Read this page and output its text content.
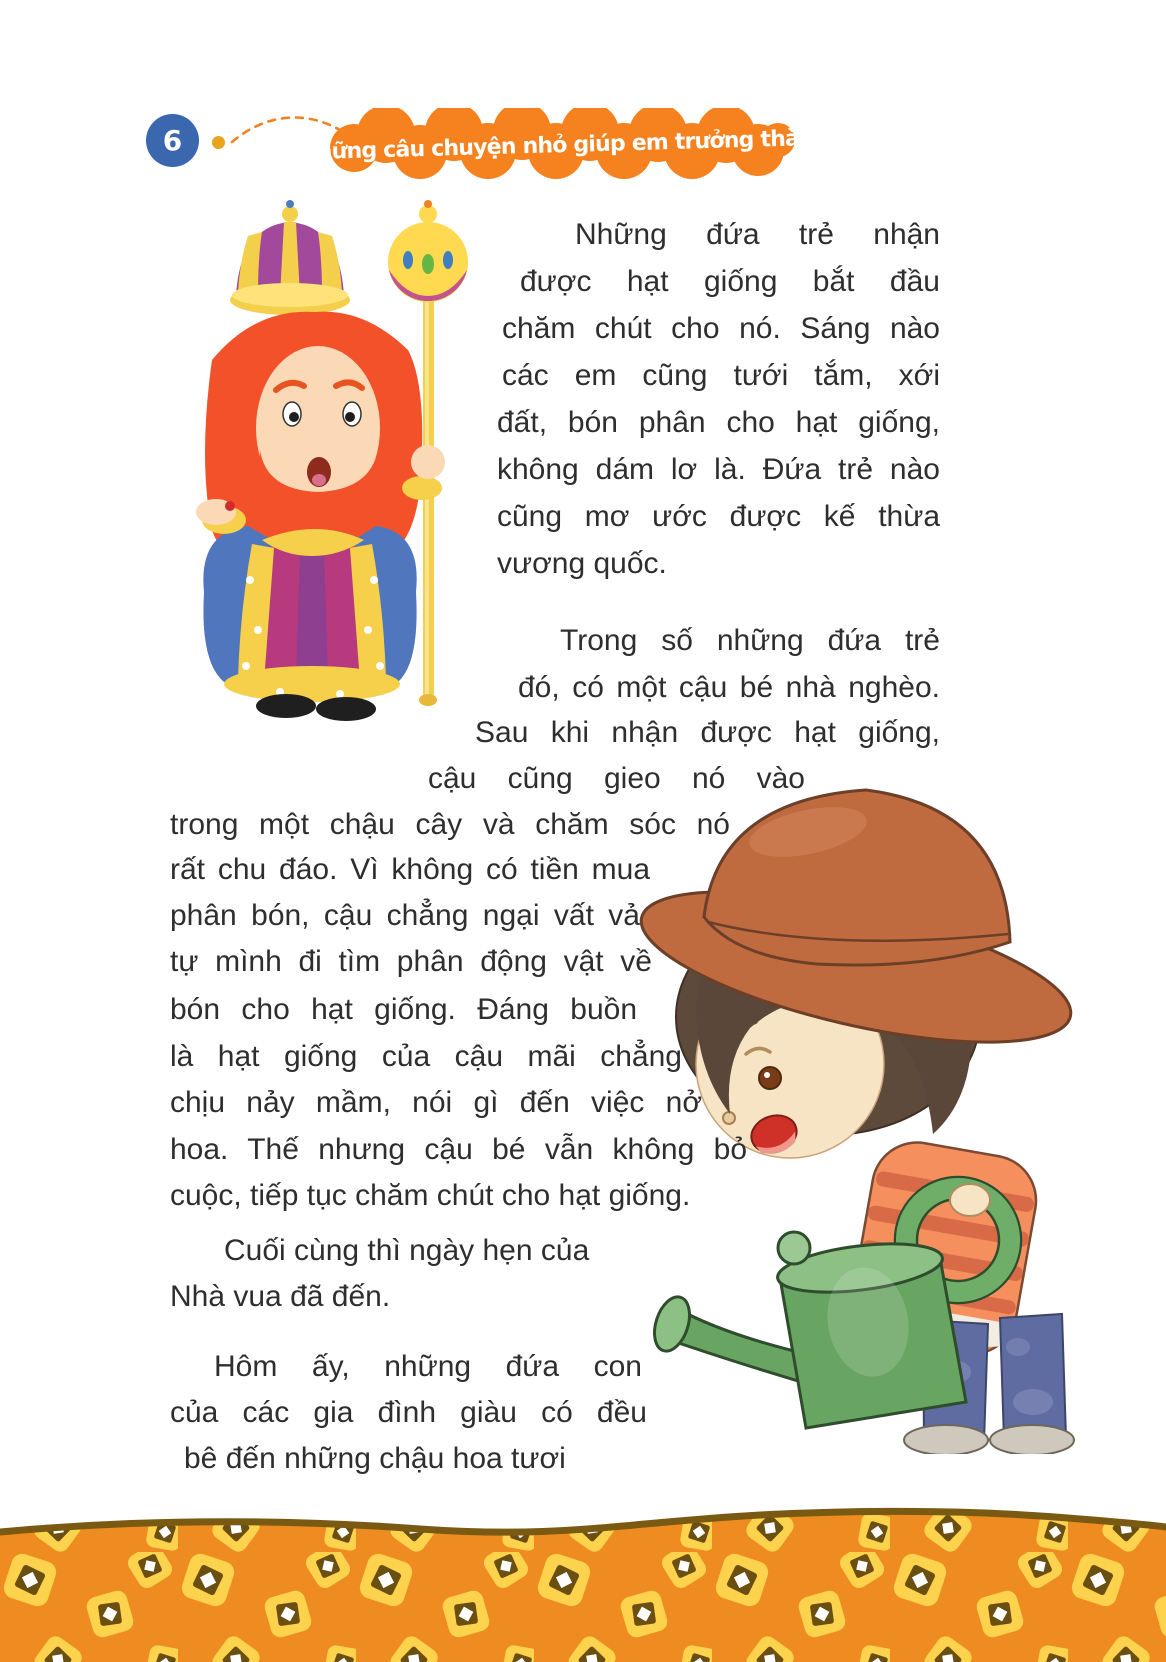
6	Những câu chuyện nhỏ giúp em trưởng thành
Những đứa trẻ nhận
được hạt giống bắt đầu
chăm chút cho nó. Sáng nào
các em cũng tưới tắm, xới
đất, bón phân cho hạt giống,
không dám lơ là. Đứa trẻ nào
cũng mơ ước được kế thừa
vương quốc.
Trong số những đứa trẻ
đó, có một cậu bé nhà nghèo.
Sau khi nhận được hạt giống,
cậu cũng gieo nó vào
trong một chậu cây và chăm sóc nó
rất chu đáo. Vì không có tiền mua
phân bón, cậu chẳng ngại vất vả
tự mình đi tìm phân động vật về
bón cho hạt giống. Đáng buồn
là hạt giống của cậu mãi chẳng
chịu nảy mầm, nói gì đến việc nở
hoa. Thế nhưng cậu bé vẫn không bỏ
cuộc, tiếp tục chăm chút cho hạt giống.
Cuối cùng thì ngày hẹn của
Nhà vua đã đến.
Hôm ấy, những đứa con
của các gia đình giàu có đều
bê đến những chậu hoa tươi
